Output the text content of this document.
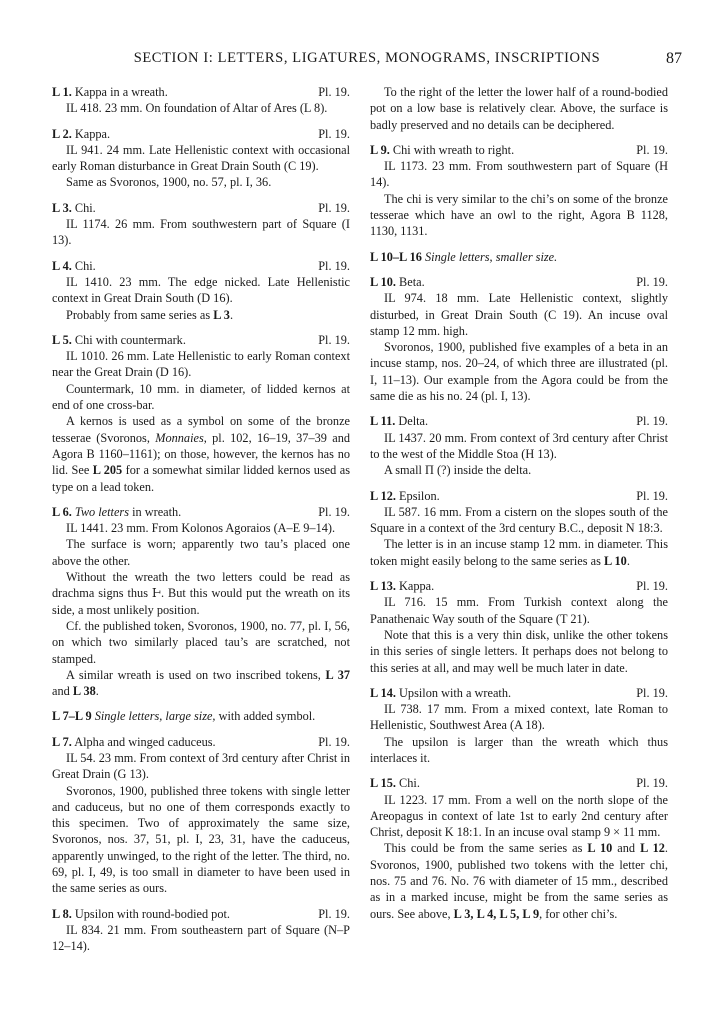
SECTION I: LETTERS, LIGATURES, MONOGRAMS, INSCRIPTIONS	87
L 1. Kappa in a wreath.	Pl. 19.

ΙL 418. 23 mm. On foundation of Altar of Ares (L 8).

L 2. Kappa.	Pl. 19.

ΙL 941. 24 mm. Late Hellenistic context with occasional early Roman disturbance in Great Drain South (C 19).

Same as Svoronos, 1900, no. 57, pl. I, 36.

L 3. Chi.	Pl. 19.

ΙL 1174. 26 mm. From southwestern part of Square (I 13).

L 4. Chi.	Pl. 19.

ΙL 1410. 23 mm. The edge nicked. Late Hellenistic context in Great Drain South (D 16).

Probably from same series as L 3.

L 5. Chi with countermark.	Pl. 19.

ΙL 1010. 26 mm. Late Hellenistic to early Roman context near the Great Drain (D 16).

Countermark, 10 mm. in diameter, of lidded kernos at end of one cross-bar.

A kernos is used as a symbol on some of the bronze tesserae (Svoronos, Monnaies, pl. 102, 16–19, 37–39 and Agora B 1160–1161); on those, however, the kernos has no lid. See L 205 for a somewhat similar lidded kernos used as type on a lead token.

L 6. Two letters in wreath.	Pl. 19.

ΙL 1441. 23 mm. From Kolonos Agoraios (A–E 9–14).

The surface is worn; apparently two tau’s placed one above the other.

Without the wreath the two letters could be read as drachma signs thus Ͱ. But this would put the wreath on its side, a most unlikely position.

Cf. the published token, Svoronos, 1900, no. 77, pl. I, 56, on which two similarly placed tau’s are scratched, not stamped.

A similar wreath is used on two inscribed tokens, L 37 and L 38.

L 7–L 9 Single letters, large size, with added symbol.

L 7. Alpha and winged caduceus.	Pl. 19.

ΙL 54. 23 mm. From context of 3rd century after Christ in Great Drain (G 13).

Svoronos, 1900, published three tokens with single letter and caduceus, but no one of them corresponds exactly to this specimen. Two of approximately the same size, Svoronos, nos. 37, 51, pl. I, 23, 31, have the caduceus, apparently unwinged, to the right of the letter. The third, no. 69, pl. I, 49, is too small in diameter to have been used in the same series as ours.

L 8. Upsilon with round-bodied pot.	Pl. 19.

ΙL 834. 21 mm. From southeastern part of Square (N–P 12–14).

To the right of the letter the lower half of a round-bodied pot on a low base is relatively clear. Above, the surface is badly preserved and no details can be deciphered.

L 9. Chi with wreath to right.	Pl. 19.

ΙL 1173. 23 mm. From southwestern part of Square (H 14).

The chi is very similar to the chi’s on some of the bronze tesserae which have an owl to the right, Agora B 1128, 1130, 1131.

L 10–L 16 Single letters, smaller size.

L 10. Beta.	Pl. 19.

ΙL 974. 18 mm. Late Hellenistic context, slightly disturbed, in Great Drain South (C 19). An incuse oval stamp 12 mm. high.

Svoronos, 1900, published five examples of a beta in an incuse stamp, nos. 20–24, of which three are illustrated (pl. I, 11–13). Our example from the Agora could be from the same die as his no. 24 (pl. I, 13).

L 11. Delta.	Pl. 19.

ΙL 1437. 20 mm. From context of 3rd century after Christ to the west of the Middle Stoa (H 13).

A small Π (?) inside the delta.

L 12. Epsilon.	Pl. 19.

ΙL 587. 16 mm. From a cistern on the slopes south of the Square in a context of the 3rd century B.C., deposit N 18:3.

The letter is in an incuse stamp 12 mm. in diameter. This token might easily belong to the same series as L 10.

L 13. Kappa.	Pl. 19.

ΙL 716. 15 mm. From Turkish context along the Panathenaic Way south of the Square (T 21).

Note that this is a very thin disk, unlike the other tokens in this series of single letters. It perhaps does not belong to this series at all, and may well be much later in date.

L 14. Upsilon with a wreath.	Pl. 19.

ΙL 738. 17 mm. From a mixed context, late Roman to Hellenistic, Southwest Area (A 18).

The upsilon is larger than the wreath which thus interlaces it.

L 15. Chi.	Pl. 19.

ΙL 1223. 17 mm. From a well on the north slope of the Areopagus in context of late 1st to early 2nd century after Christ, deposit K 18:1. In an incuse oval stamp 9 × 11 mm.

This could be from the same series as L 10 and L 12. Svoronos, 1900, published two tokens with the letter chi, nos. 75 and 76. No. 76 with diameter of 15 mm., described as in a marked incuse, might be from the same series as ours. See above, L 3, L 4, L 5, L 9, for other chi’s.
